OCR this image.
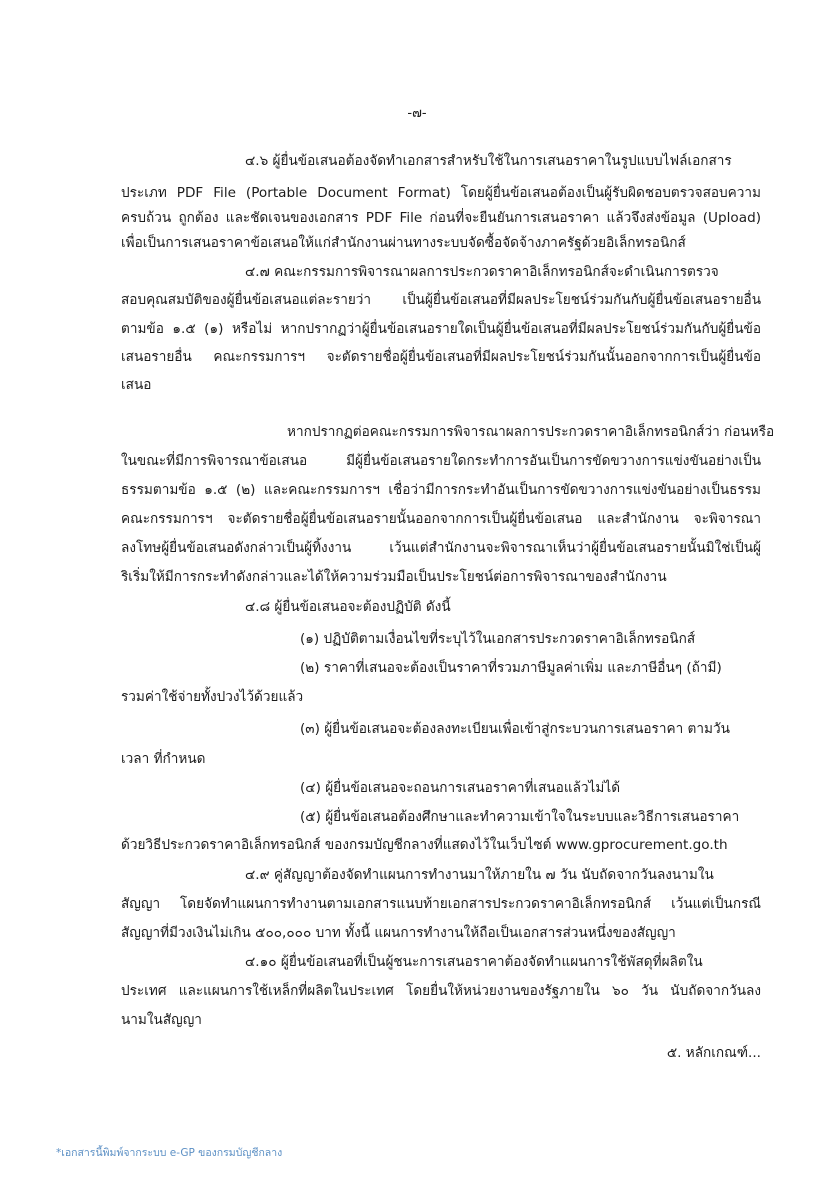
-๗-
๔.๖ ผู้ยื่นข้อเสนอต้องจัดทำเอกสารสำหรับใช้ในการเสนอราคาในรูปแบบไฟล์เอกสาร
ประเภท PDF File (Portable Document Format) โดยผู้ยื่นข้อเสนอต้องเป็นผู้รับผิดชอบตรวจสอบความ
ครบถ้วน ถูกต้อง และชัดเจนของเอกสาร PDF File ก่อนที่จะยืนยันการเสนอราคา แล้วจึงส่งข้อมูล (Upload)
เพื่อเป็นการเสนอราคาข้อเสนอให้แก่สำนักงานผ่านทางระบบจัดซื้อจัดจ้างภาครัฐด้วยอิเล็กทรอนิกส์
๔.๗ คณะกรรมการพิจารณาผลการประกวดราคาอิเล็กทรอนิกส์จะดำเนินการตรวจ
สอบคุณสมบัติของผู้ยื่นข้อเสนอแต่ละรายว่า เป็นผู้ยื่นข้อเสนอที่มีผลประโยชน์ร่วมกันกับผู้ยื่นข้อเสนอรายอื่น
ตามข้อ ๑.๕ (๑) หรือไม่ หากปรากฏว่าผู้ยื่นข้อเสนอรายใดเป็นผู้ยื่นข้อเสนอที่มีผลประโยชน์ร่วมกันกับผู้ยื่นข้อ
เสนอรายอื่น คณะกรรมการฯ จะตัดรายชื่อผู้ยื่นข้อเสนอที่มีผลประโยชน์ร่วมกันนั้นออกจากการเป็นผู้ยื่นข้อ
เสนอ
หากปรากฏต่อคณะกรรมการพิจารณาผลการประกวดราคาอิเล็กทรอนิกส์ว่า ก่อนหรือ
ในขณะที่มีการพิจารณาข้อเสนอ มีผู้ยื่นข้อเสนอรายใดกระทำการอันเป็นการขัดขวางการแข่งขันอย่างเป็น
ธรรมตามข้อ ๑.๕ (๒) และคณะกรรมการฯ เชื่อว่ามีการกระทำอันเป็นการขัดขวางการแข่งขันอย่างเป็นธรรม
คณะกรรมการฯ จะตัดรายชื่อผู้ยื่นข้อเสนอรายนั้นออกจากการเป็นผู้ยื่นข้อเสนอ และสำนักงาน จะพิจารณา
ลงโทษผู้ยื่นข้อเสนอดังกล่าวเป็นผู้ทิ้งงาน เว้นแต่สำนักงานจะพิจารณาเห็นว่าผู้ยื่นข้อเสนอรายนั้นมิใช่เป็นผู้
ริเริ่มให้มีการกระทำดังกล่าวและได้ให้ความร่วมมือเป็นประโยชน์ต่อการพิจารณาของสำนักงาน
๔.๘ ผู้ยื่นข้อเสนอจะต้องปฏิบัติ ดังนี้
(๑) ปฏิบัติตามเงื่อนไขที่ระบุไว้ในเอกสารประกวดราคาอิเล็กทรอนิกส์
(๒) ราคาที่เสนอจะต้องเป็นราคาที่รวมภาษีมูลค่าเพิ่ม และภาษีอื่นๆ (ถ้ามี)
รวมค่าใช้จ่ายทั้งปวงไว้ด้วยแล้ว
(๓) ผู้ยื่นข้อเสนอจะต้องลงทะเบียนเพื่อเข้าสู่กระบวนการเสนอราคา ตามวัน
เวลา ที่กำหนด
(๔) ผู้ยื่นข้อเสนอจะถอนการเสนอราคาที่เสนอแล้วไม่ได้
(๕) ผู้ยื่นข้อเสนอต้องศึกษาและทำความเข้าใจในระบบและวิธีการเสนอราคา
ด้วยวิธีประกวดราคาอิเล็กทรอนิกส์ ของกรมบัญชีกลางที่แสดงไว้ในเว็บไซต์ www.gprocurement.go.th
๔.๙ คู่สัญญาต้องจัดทำแผนการทำงานมาให้ภายใน ๗ วัน นับถัดจากวันลงนามใน
สัญญา โดยจัดทำแผนการทำงานตามเอกสารแนบท้ายเอกสารประกวดราคาอิเล็กทรอนิกส์ เว้นแต่เป็นกรณี
สัญญาที่มีวงเงินไม่เกิน ๕๐๐,๐๐๐ บาท ทั้งนี้ แผนการทำงานให้ถือเป็นเอกสารส่วนหนึ่งของสัญญา
๔.๑๐ ผู้ยื่นข้อเสนอที่เป็นผู้ชนะการเสนอราคาต้องจัดทำแผนการใช้พัสดุที่ผลิตใน
ประเทศ และแผนการใช้เหล็กที่ผลิตในประเทศ โดยยื่นให้หน่วยงานของรัฐภายใน ๖๐ วัน นับถัดจากวันลง
นามในสัญญา
๕. หลักเกณฑ์...
*เอกสารนี้พิมพ์จากระบบ e-GP ของกรมบัญชีกลาง
